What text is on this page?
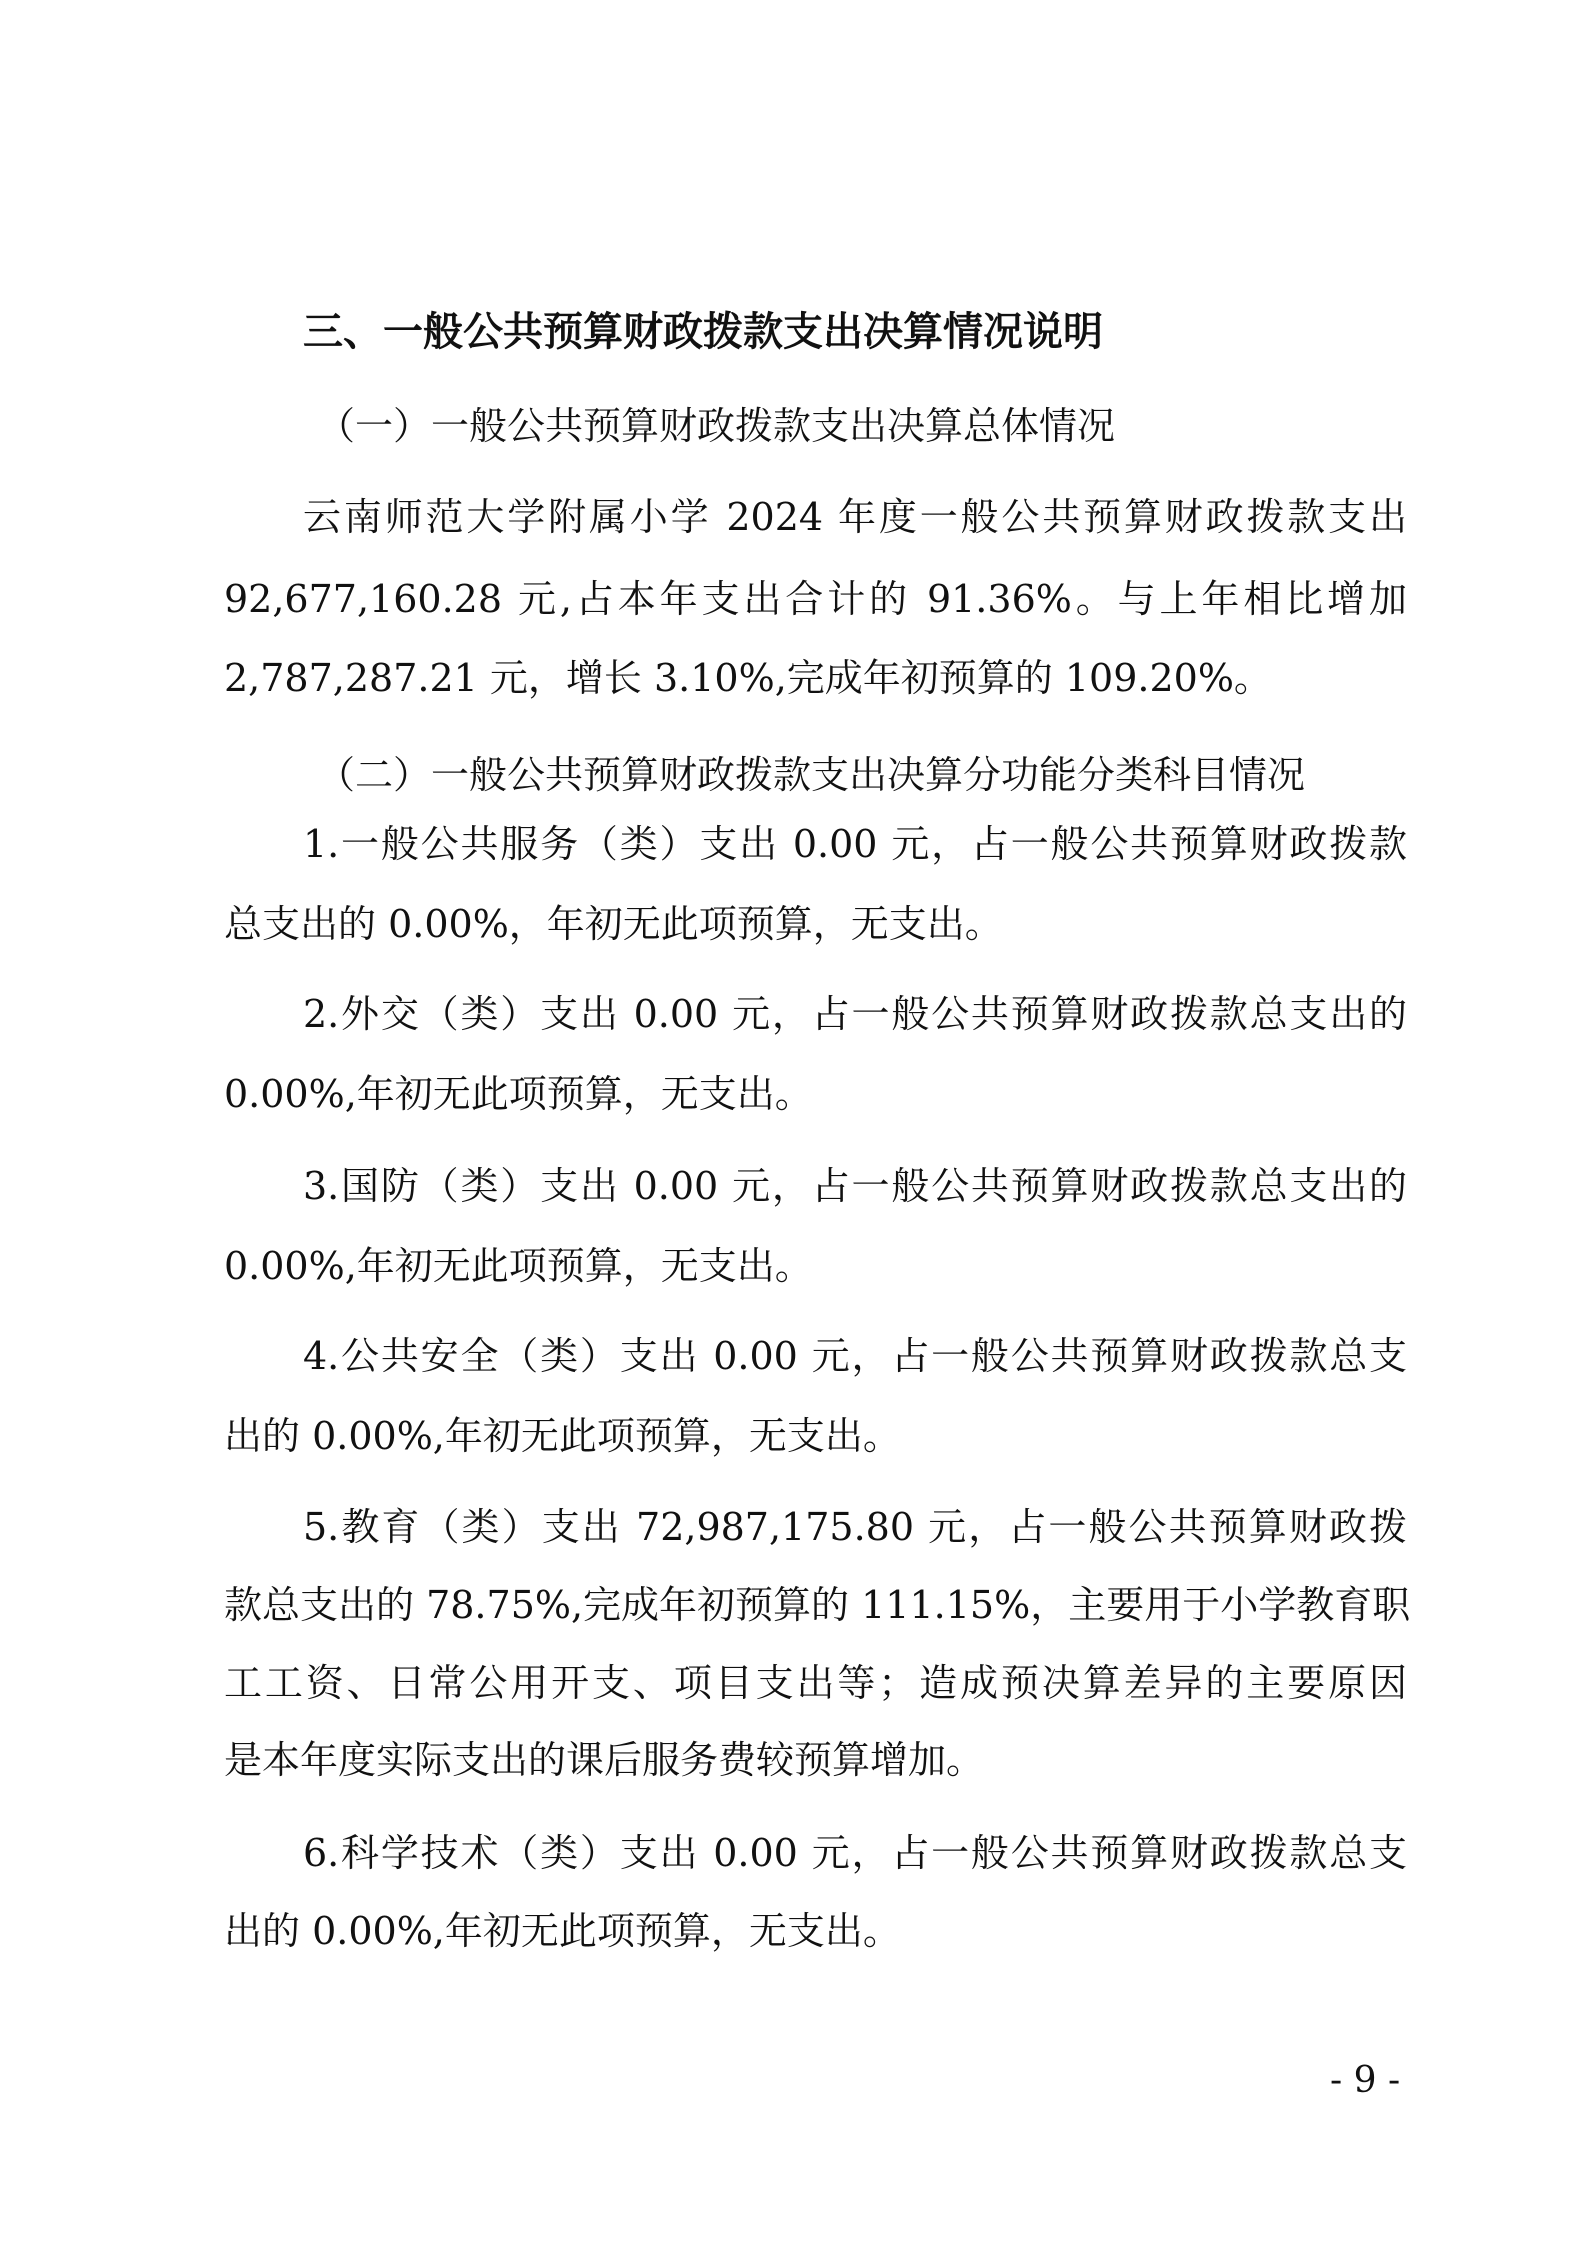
三、一般公共预算财政拨款支出决算情况说明
（一）一般公共预算财政拨款支出决算总体情况
云南师范大学附属小学 2024 年度一般公共预算财政拨款支出
92,677,160.28 元,占本年支出合计的 91.36%。与上年相比增加
2,787,287.21 元，增长 3.10%,完成年初预算的 109.20%。
（二）一般公共预算财政拨款支出决算分功能分类科目情况
1.一般公共服务（类）支出 0.00 元，占一般公共预算财政拨款
总支出的 0.00%，年初无此项预算，无支出。
2.外交（类）支出 0.00 元，占一般公共预算财政拨款总支出的
0.00%,年初无此项预算，无支出。
3.国防（类）支出 0.00 元，占一般公共预算财政拨款总支出的
0.00%,年初无此项预算，无支出。
4.公共安全（类）支出 0.00 元，占一般公共预算财政拨款总支
出的 0.00%,年初无此项预算，无支出。
5.教育（类）支出 72,987,175.80 元，占一般公共预算财政拨
款总支出的 78.75%,完成年初预算的 111.15%，主要用于小学教育职
工工资、日常公用开支、项目支出等；造成预决算差异的主要原因
是本年度实际支出的课后服务费较预算增加。
6.科学技术（类）支出 0.00 元，占一般公共预算财政拨款总支
出的 0.00%,年初无此项预算，无支出。
- 9 -
